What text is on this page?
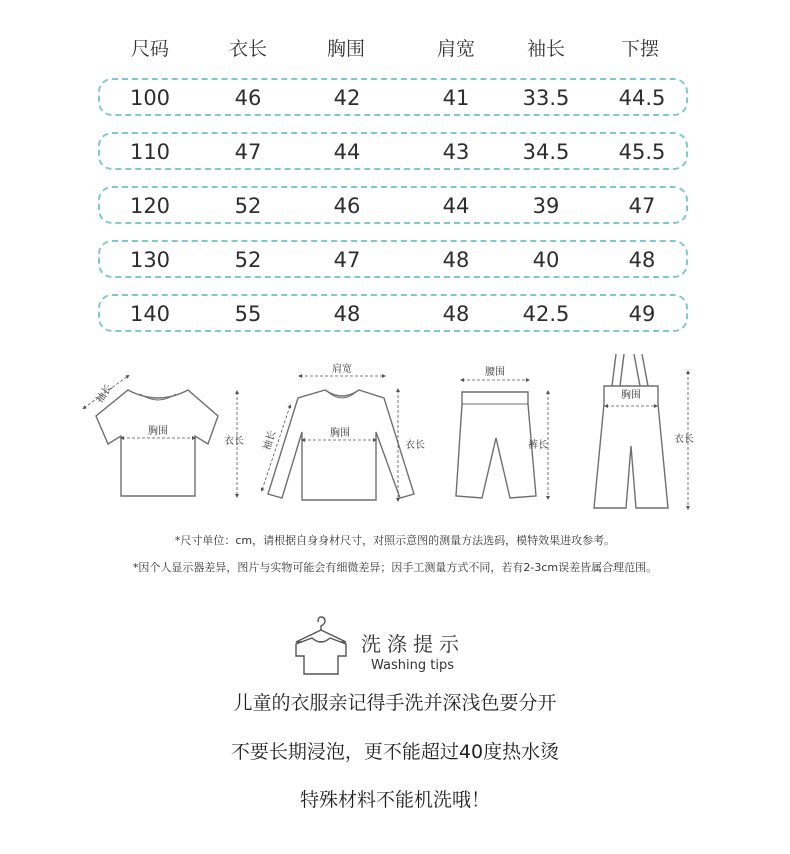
尺码	衣长	胸围	肩宽	袖长	下摆
100	46	42	41	33.5	44.5
110	47	44	43	34.5	45.5
120	52	46	44	39	47
130	52	47	48	40	48
140	55	48	48	42.5	49
胸围
衣长
袖长
肩宽
胸围
衣长
袖长
腰围
裤长
胸围
衣长
*尺寸单位：cm，请根据自身身材尺寸，对照示意图的测量方法选码，模特效果进攻参考。
*因个人显示器差异，图片与实物可能会有细微差异；因手工测量方式不同，若有2-3cm误差皆属合理范围。
洗涤提示
Washing tips
儿童的衣服亲记得手洗并深浅色要分开
不要长期浸泡，更不能超过40度热水烫
特殊材料不能机洗哦！
